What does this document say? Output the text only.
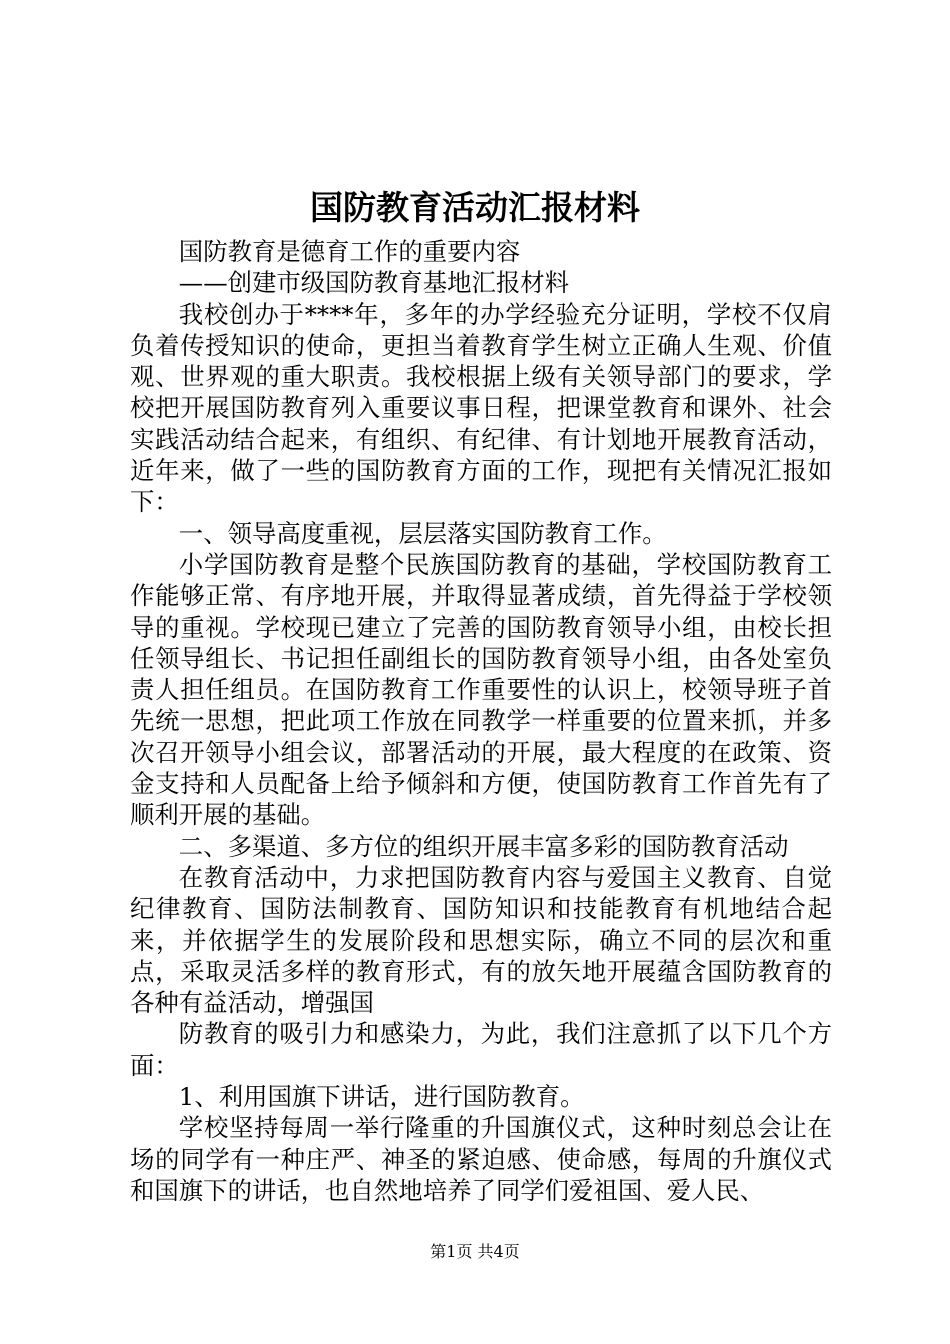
国防教育活动汇报材料

国防教育是德育工作的重要内容

——创建市级国防教育基地汇报材料

我校创办于****年，多年的办学经验充分证明，学校不仅肩负着传授知识的使命，更担当着教育学生树立正确人生观、价值观、世界观的重大职责。我校根据上级有关领导部门的要求，学校把开展国防教育列入重要议事日程，把课堂教育和课外、社会实践活动结合起来，有组织、有纪律、有计划地开展教育活动，近年来，做了一些的国防教育方面的工作，现把有关情况汇报如下：

一、领导高度重视，层层落实国防教育工作。

小学国防教育是整个民族国防教育的基础，学校国防教育工作能够正常、有序地开展，并取得显著成绩，首先得益于学校领导的重视。学校现已建立了完善的国防教育领导小组，由校长担任领导组长、书记担任副组长的国防教育领导小组，由各处室负责人担任组员。在国防教育工作重要性的认识上，校领导班子首先统一思想，把此项工作放在同教学一样重要的位置来抓，并多次召开领导小组会议，部署活动的开展，最大程度的在政策、资金支持和人员配备上给予倾斜和方便，使国防教育工作首先有了顺利开展的基础。

二、多渠道、多方位的组织开展丰富多彩的国防教育活动

在教育活动中，力求把国防教育内容与爱国主义教育、自觉纪律教育、国防法制教育、国防知识和技能教育有机地结合起来，并依据学生的发展阶段和思想实际，确立不同的层次和重点，采取灵活多样的教育形式，有的放矢地开展蕴含国防教育的各种有益活动，增强国

防教育的吸引力和感染力，为此，我们注意抓了以下几个方面：

1、利用国旗下讲话，进行国防教育。

学校坚持每周一举行隆重的升国旗仪式，这种时刻总会让在场的同学有一种庄严、神圣的紧迫感、使命感，每周的升旗仪式和国旗下的讲话，也自然地培养了同学们爱祖国、爱人民、

第1页 共4页
